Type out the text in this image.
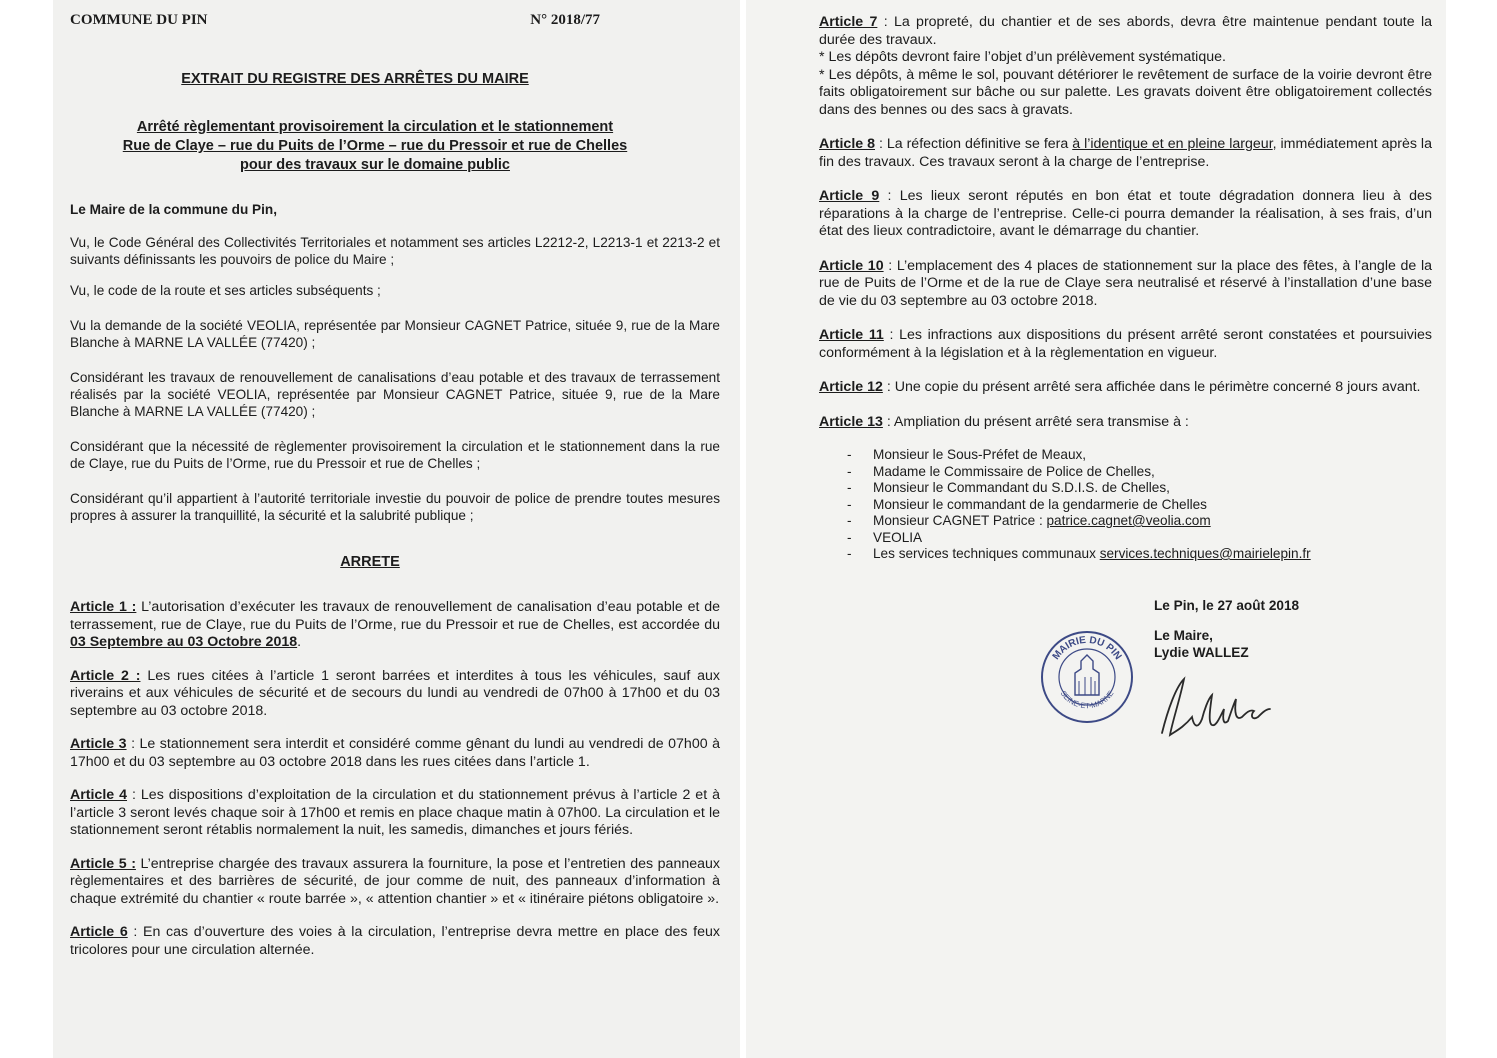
COMMUNE DU PIN	N° 2018/77
EXTRAIT DU REGISTRE DES ARRÊTES DU MAIRE
Arrêté règlementant provisoirement la circulation et le stationnement
Rue de Claye – rue du Puits de l’Orme – rue du Pressoir et rue de Chelles
pour des travaux sur le domaine public

Le Maire de la commune du Pin,

Vu, le Code Général des Collectivités Territoriales et notamment ses articles L2212-2, L2213-1 et 2213-2 et suivants définissants les pouvoirs de police du Maire ;

Vu, le code de la route et ses articles subséquents ;

Vu la demande de la société VEOLIA, représentée par Monsieur CAGNET Patrice, située 9, rue de la Mare Blanche à MARNE LA VALLÉE (77420) ;

Considérant les travaux de renouvellement de canalisations d’eau potable et des travaux de terrassement réalisés par la société VEOLIA, représentée par Monsieur CAGNET Patrice, située 9, rue de la Mare Blanche à MARNE LA VALLÉE (77420) ;

Considérant que la nécessité de règlementer provisoirement la circulation et le stationnement dans la rue de Claye, rue du Puits de l’Orme, rue du Pressoir et rue de Chelles ;

Considérant qu’il appartient à l’autorité territoriale investie du pouvoir de police de prendre toutes mesures propres à assurer la tranquillité, la sécurité et la salubrité publique ;

ARRETE

Article 1 : L’autorisation d’exécuter les travaux de renouvellement de canalisation d’eau potable et de terrassement, rue de Claye, rue du Puits de l’Orme, rue du Pressoir et rue de Chelles, est accordée du 03 Septembre au 03 Octobre 2018.

Article 2 : Les rues citées à l’article 1 seront barrées et interdites à tous les véhicules, sauf aux riverains et aux véhicules de sécurité et de secours du lundi au vendredi de 07h00 à 17h00 et du 03 septembre au 03 octobre 2018.

Article 3 : Le stationnement sera interdit et considéré comme gênant du lundi au vendredi de 07h00 à 17h00 et du 03 septembre au 03 octobre 2018 dans les rues citées dans l’article 1.

Article 4 : Les dispositions d’exploitation de la circulation et du stationnement prévus à l’article 2 et à l’article 3 seront levés chaque soir à 17h00 et remis en place chaque matin à 07h00. La circulation et le stationnement seront rétablis normalement la nuit, les samedis, dimanches et jours fériés.

Article 5 : L’entreprise chargée des travaux assurera la fourniture, la pose et l’entretien des panneaux règlementaires et des barrières de sécurité, de jour comme de nuit, des panneaux d’information à chaque extrémité du chantier « route barrée », « attention chantier » et « itinéraire piétons obligatoire ».

Article 6 : En cas d’ouverture des voies à la circulation, l’entreprise devra mettre en place des feux tricolores pour une circulation alternée.

Article 7 : La propreté, du chantier et de ses abords, devra être maintenue pendant toute la durée des travaux.

* Les dépôts devront faire l’objet d’un prélèvement systématique.

* Les dépôts, à même le sol, pouvant détériorer le revêtement de surface de la voirie devront être faits obligatoirement sur bâche ou sur palette. Les gravats doivent être obligatoirement collectés dans des bennes ou des sacs à gravats.

Article 8 : La réfection définitive se fera à l’identique et en pleine largeur, immédiatement après la fin des travaux. Ces travaux seront à la charge de l’entreprise.

Article 9 : Les lieux seront réputés en bon état et toute dégradation donnera lieu à des réparations à la charge de l’entreprise. Celle-ci pourra demander la réalisation, à ses frais, d’un état des lieux contradictoire, avant le démarrage du chantier.

Article 10 : L’emplacement des 4 places de stationnement sur la place des fêtes, à l’angle de la rue de Puits de l’Orme et de la rue de Claye sera neutralisé et réservé à l’installation d’une base de vie du 03 septembre au 03 octobre 2018.

Article 11 : Les infractions aux dispositions du présent arrêté seront constatées et poursuivies conformément à la législation et à la règlementation en vigueur.

Article 12 : Une copie du présent arrêté sera affichée dans le périmètre concerné 8 jours avant.

Article 13 : Ampliation du présent arrêté sera transmise à :

- Monsieur le Sous-Préfet de Meaux,
- Madame le Commissaire de Police de Chelles,
- Monsieur le Commandant du S.D.I.S. de Chelles,
- Monsieur le commandant de la gendarmerie de Chelles
- Monsieur CAGNET Patrice : patrice.cagnet@veolia.com
- VEOLIA
- Les services techniques communaux services.techniques@mairielepin.fr
Le Pin, le 27 août 2018
Le Maire,
Lydie WALLEZ
MAIRIE DU PIN
SEINE-ET-MARNE
